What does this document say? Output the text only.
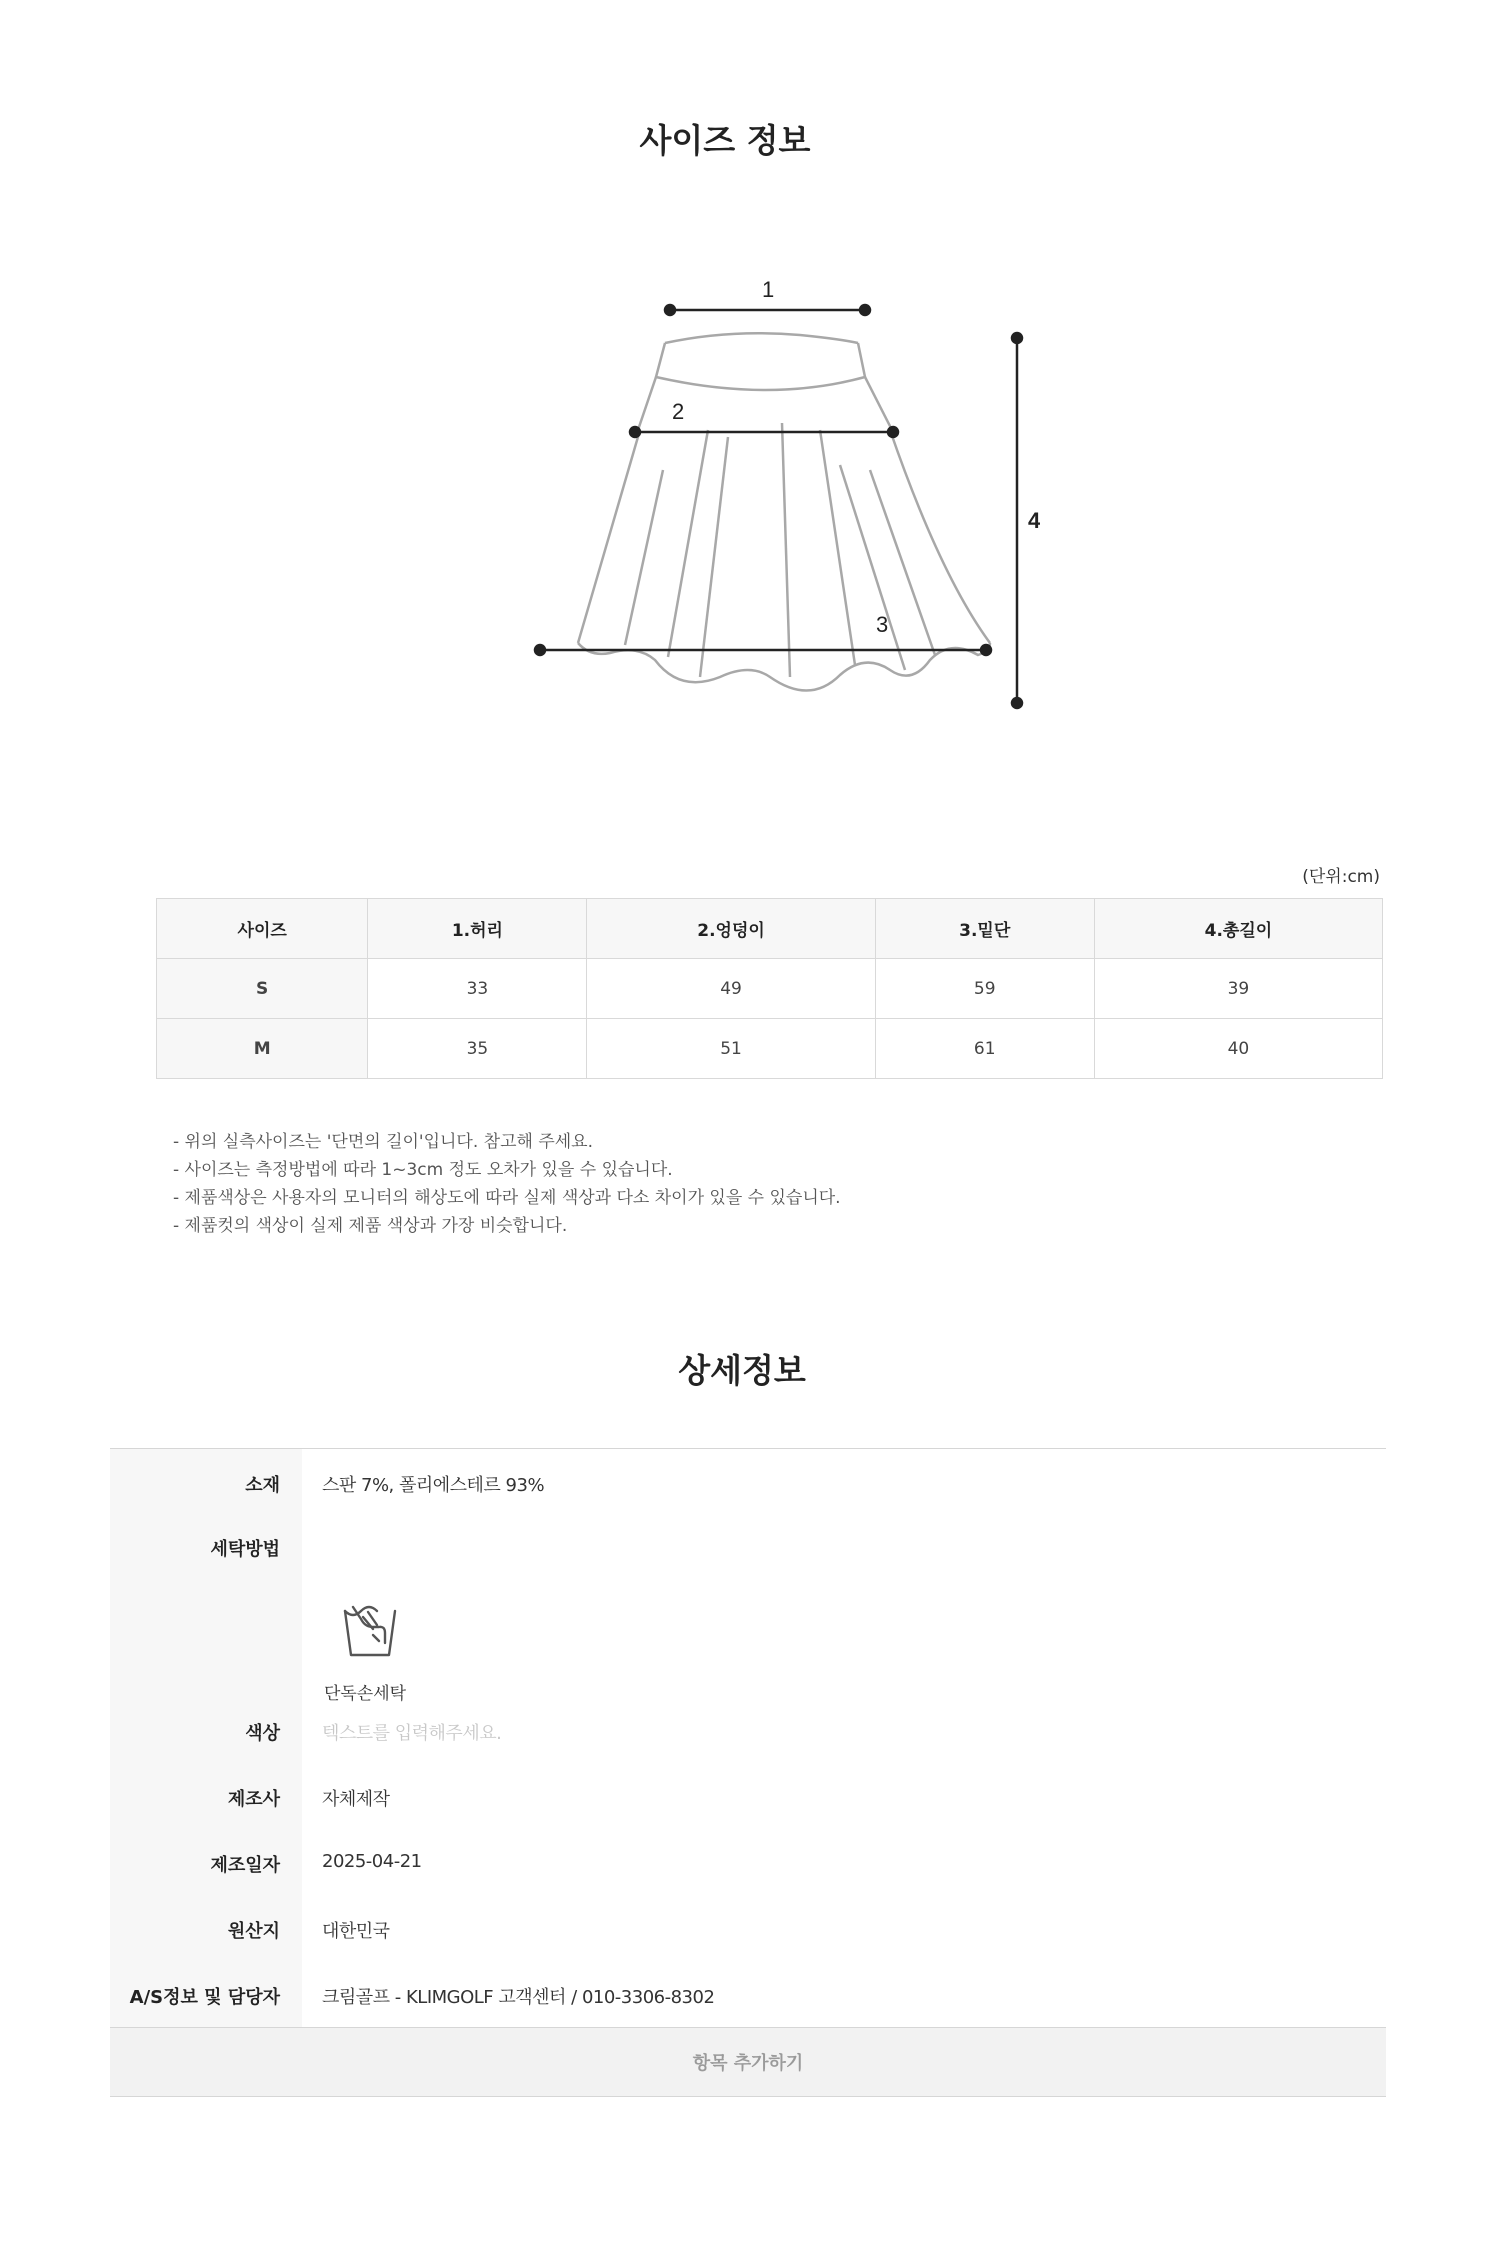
사이즈 정보
1
2
3
4
(단위:cm)
사이즈	1.허리	2.엉덩이	3.밑단	4.총길이
S	33	49	59	39
M	35	51	61	40
- 위의 실측사이즈는 '단면의 길이'입니다. 참고해 주세요.
- 사이즈는 측정방법에 따라 1~3cm 정도 오차가 있을 수 있습니다.
- 제품색상은 사용자의 모니터의 해상도에 따라 실제 색상과 다소 차이가 있을 수 있습니다.
- 제품컷의 색상이 실제 제품 색상과 가장 비슷합니다.
상세정보
소재	스판 7%, 폴리에스테르 93%
세탁방법
단독손세탁
색상	텍스트를 입력해주세요.
제조사	자체제작
제조일자	2025-04-21
원산지	대한민국
A/S정보 및 담당자	크림골프 - KLIMGOLF 고객센터 / 010-3306-8302
항목 추가하기
